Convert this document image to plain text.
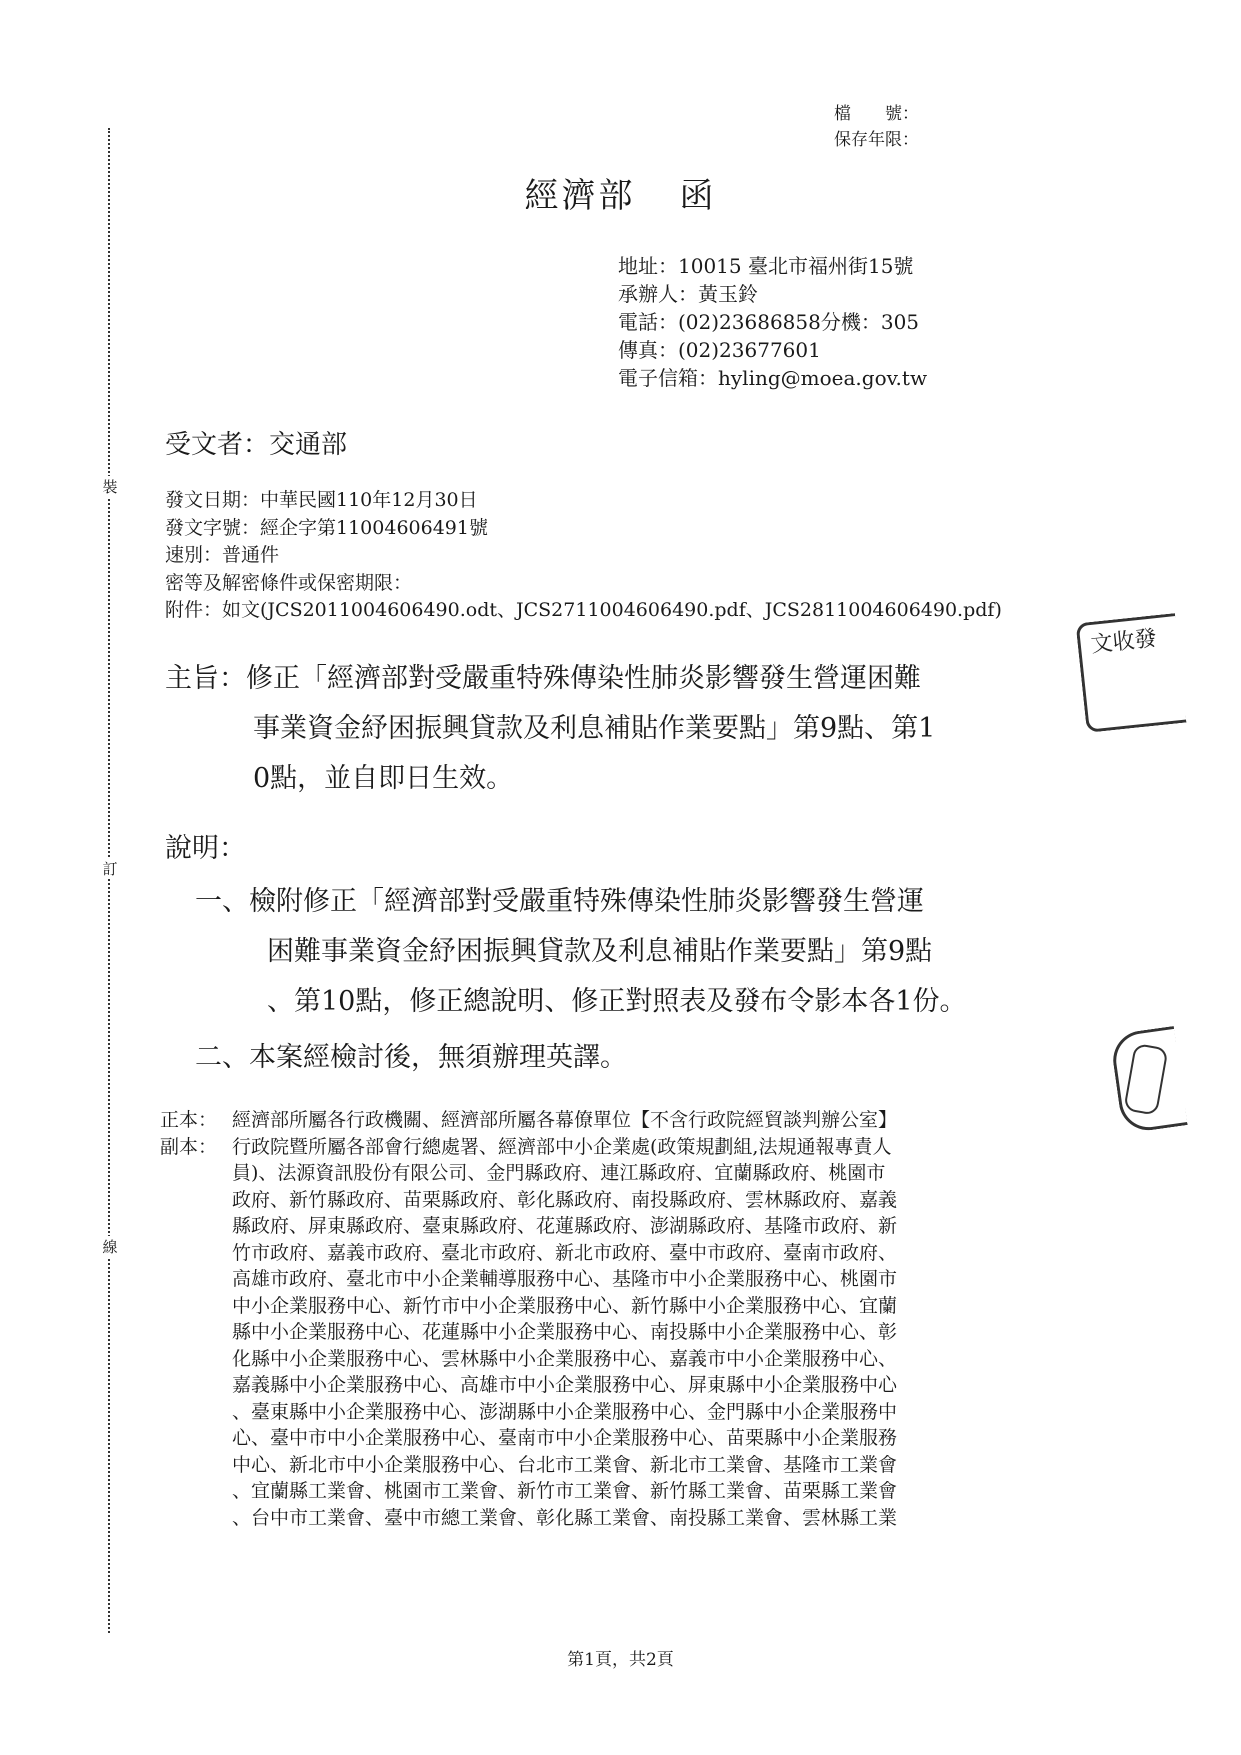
裝
訂
線
檔　　號：
保存年限：
經濟部 函
地址：10015 臺北市福州街15號
承辦人：黃玉鈴
電話：(02)23686858分機：305
傳真：(02)23677601
電子信箱：hyling@moea.gov.tw
受文者：交通部
發文日期：中華民國110年12月30日
發文字號：經企字第11004606491號
速別：普通件
密等及解密條件或保密期限：
附件：如文(JCS2011004606490.odt、JCS2711004606490.pdf、JCS2811004606490.pdf)
主旨：修正「經濟部對受嚴重特殊傳染性肺炎影響發生營運困難
事業資金紓困振興貸款及利息補貼作業要點」第9點、第1
0點，並自即日生效。
說明：
一、檢附修正「經濟部對受嚴重特殊傳染性肺炎影響發生營運
困難事業資金紓困振興貸款及利息補貼作業要點」第9點
、第10點，修正總說明、修正對照表及發布令影本各1份。
二、本案經檢討後，無須辦理英譯。
正本： 經濟部所屬各行政機關、經濟部所屬各幕僚單位【不含行政院經貿談判辦公室】
副本： 行政院暨所屬各部會行總處署、經濟部中小企業處(政策規劃組,法規通報專責人
員)、法源資訊股份有限公司、金門縣政府、連江縣政府、宜蘭縣政府、桃園市
政府、新竹縣政府、苗栗縣政府、彰化縣政府、南投縣政府、雲林縣政府、嘉義
縣政府、屏東縣政府、臺東縣政府、花蓮縣政府、澎湖縣政府、基隆市政府、新
竹市政府、嘉義市政府、臺北市政府、新北市政府、臺中市政府、臺南市政府、
高雄市政府、臺北市中小企業輔導服務中心、基隆市中小企業服務中心、桃園市
中小企業服務中心、新竹市中小企業服務中心、新竹縣中小企業服務中心、宜蘭
縣中小企業服務中心、花蓮縣中小企業服務中心、南投縣中小企業服務中心、彰
化縣中小企業服務中心、雲林縣中小企業服務中心、嘉義市中小企業服務中心、
嘉義縣中小企業服務中心、高雄市中小企業服務中心、屏東縣中小企業服務中心
、臺東縣中小企業服務中心、澎湖縣中小企業服務中心、金門縣中小企業服務中
心、臺中市中小企業服務中心、臺南市中小企業服務中心、苗栗縣中小企業服務
中心、新北市中小企業服務中心、台北市工業會、新北市工業會、基隆市工業會
、宜蘭縣工業會、桃園市工業會、新竹市工業會、新竹縣工業會、苗栗縣工業會
、台中市工業會、臺中市總工業會、彰化縣工業會、南投縣工業會、雲林縣工業
第1頁，共2頁
文收發
